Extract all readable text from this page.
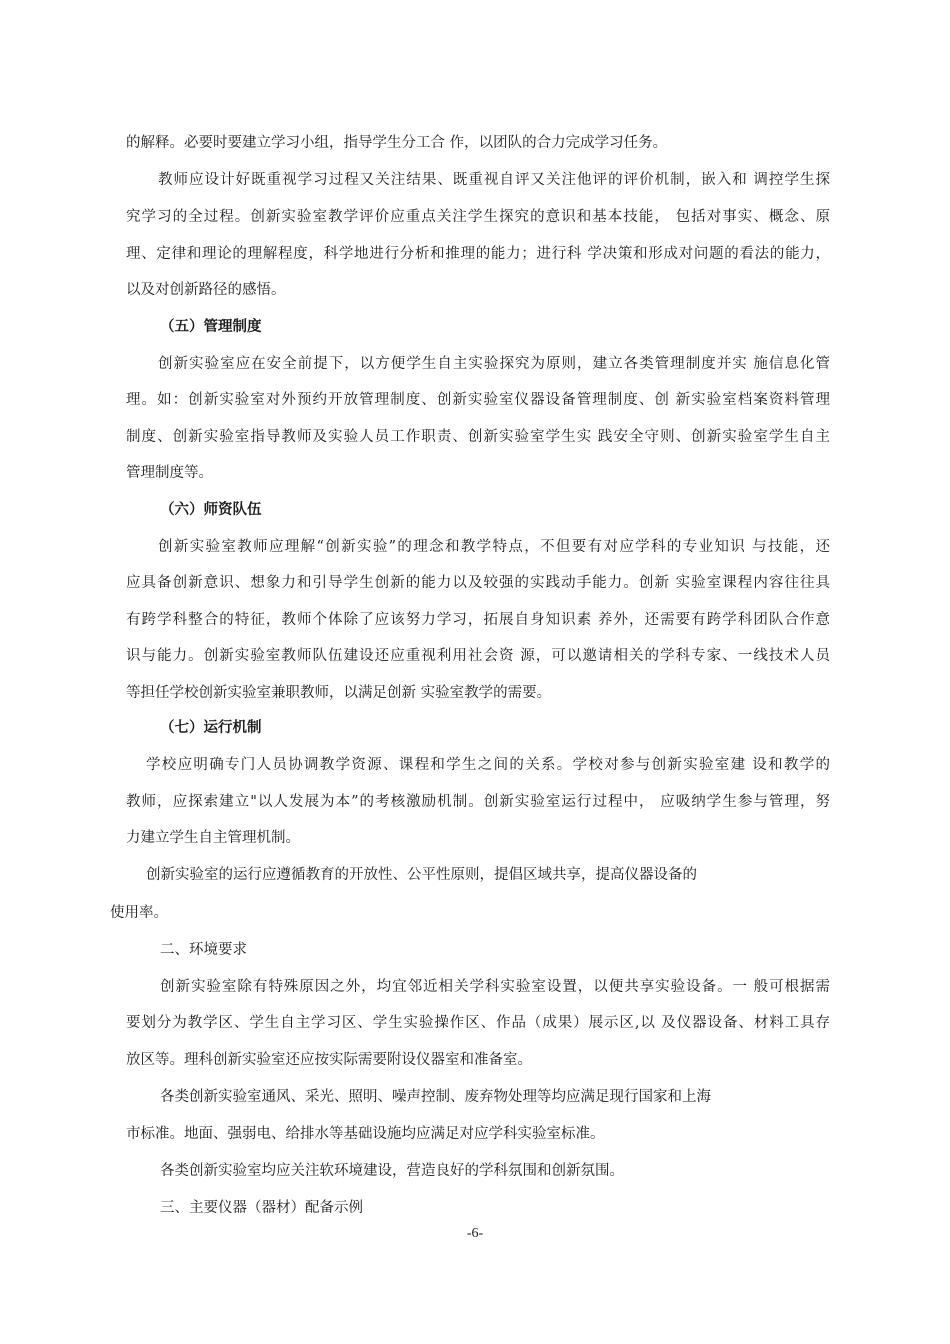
的解释。必要时要建立学习小组，指导学生分工合 作，以团队的合力完成学习任务。
教师应设计好既重视学习过程又关注结果、既重视自评又关注他评的评价机制，嵌入和 调控学生探
究学习的全过程。创新实验室教学评价应重点关注学生探究的意识和基本技能， 包括对事实、概念、原
理、定律和理论的理解程度，科学地进行分析和推理的能力；进行科 学决策和形成对问题的看法的能力，
以及对创新路径的感悟。
（五）管理制度
创新实验室应在安全前提下，以方便学生自主实验探究为原则，建立各类管理制度并实 施信息化管
理。如：创新实验室对外预约开放管理制度、创新实验室仪器设备管理制度、创 新实验室档案资料管理
制度、创新实验室指导教师及实验人员工作职责、创新实验室学生实 践安全守则、创新实验室学生自主
管理制度等。
（六）师资队伍
创新实验室教师应理解“创新实验”的理念和教学特点，不但要有对应学科的专业知识 与技能，还
应具备创新意识、想象力和引导学生创新的能力以及较强的实践动手能力。创新 实验室课程内容往往具
有跨学科整合的特征，教师个体除了应该努力学习，拓展自身知识素 养外，还需要有跨学科团队合作意
识与能力。创新实验室教师队伍建设还应重视利用社会资 源，可以邀请相关的学科专家、一线技术人员
等担任学校创新实验室兼职教师，以满足创新 实验室教学的需要。
（七）运行机制
学校应明确专门人员协调教学资源、课程和学生之间的关系。学校对参与创新实验室建 设和教学的
教师，应探索建立"以人发展为本”的考核激励机制。创新实验室运行过程中， 应吸纳学生参与管理，努
力建立学生自主管理机制。
创新实验室的运行应遵循教育的开放性、公平性原则，提倡区域共享，提高仪器设备的
使用率。
二、环境要求
创新实验室除有特殊原因之外，均宜邻近相关学科实验室设置，以便共享实验设备。一 般可根据需
要划分为教学区、学生自主学习区、学生实验操作区、作品（成果）展示区,以 及仪器设备、材料工具存
放区等。理科创新实验室还应按实际需要附设仪器室和准备室。
各类创新实验室通风、采光、照明、噪声控制、废弃物处理等均应满足现行国家和上海
市标准。地面、强弱电、给排水等基础设施均应满足对应学科实验室标准。
各类创新实验室均应关注软环境建设，营造良好的学科氛围和创新氛围。
三、主要仪器（器材）配备示例
-6-
